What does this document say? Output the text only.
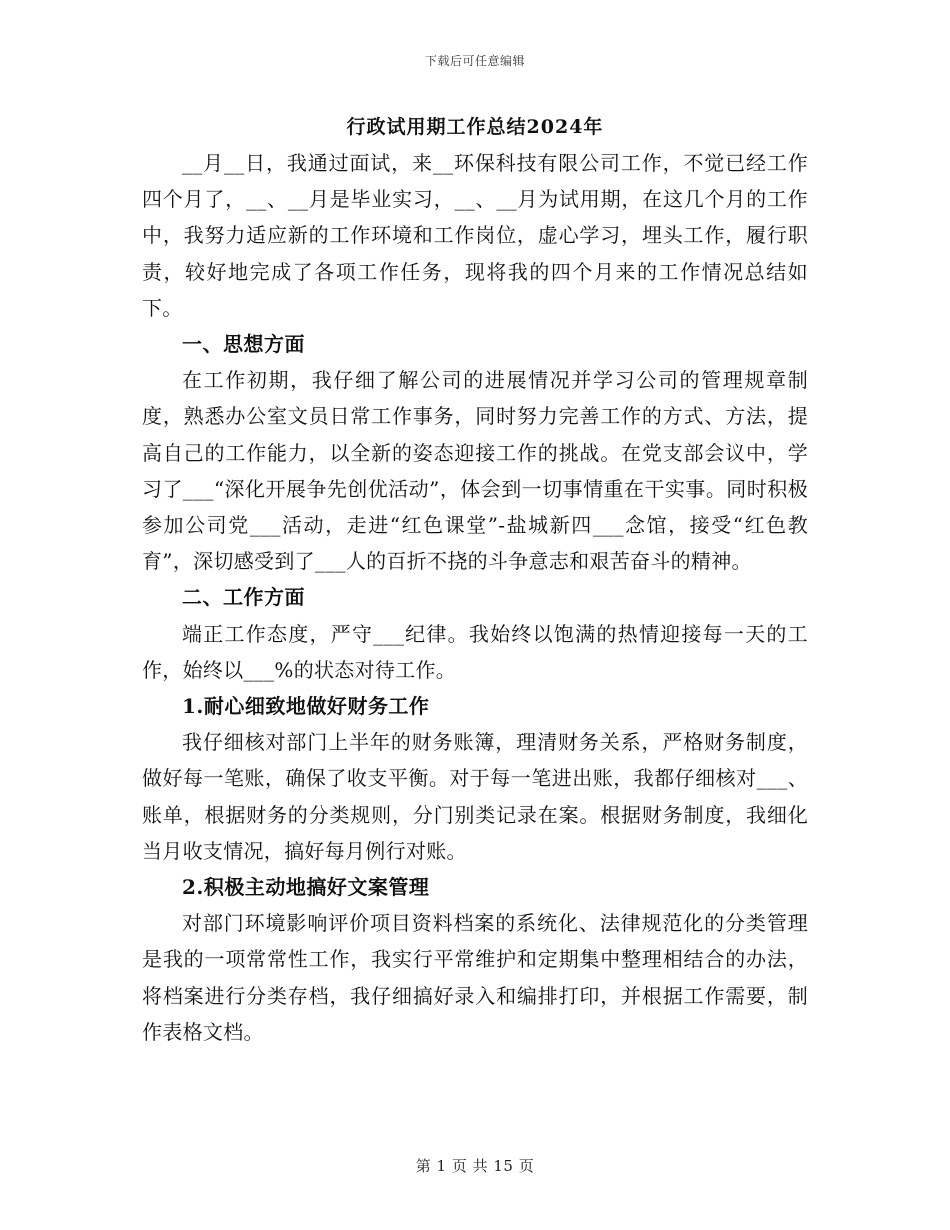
下载后可任意编辑
行政试用期工作总结2024年

__月__日，我通过面试，来__环保科技有限公司工作，不觉已经工作四个月了，__、__月是毕业实习，__、__月为试用期，在这几个月的工作中，我努力适应新的工作环境和工作岗位，虚心学习，埋头工作，履行职责，较好地完成了各项工作任务，现将我的四个月来的工作情况总结如下。

一、思想方面

在工作初期，我仔细了解公司的进展情况并学习公司的管理规章制度，熟悉办公室文员日常工作事务，同时努力完善工作的方式、方法，提高自己的工作能力，以全新的姿态迎接工作的挑战。在党支部会议中，学习了___“深化开展争先创优活动”，体会到一切事情重在干实事。同时积极参加公司党___活动，走进“红色课堂”-盐城新四___念馆，接受“红色教育”，深切感受到了___人的百折不挠的斗争意志和艰苦奋斗的精神。

二、工作方面

端正工作态度，严守___纪律。我始终以饱满的热情迎接每一天的工作，始终以___%的状态对待工作。

1.耐心细致地做好财务工作

我仔细核对部门上半年的财务账簿，理清财务关系，严格财务制度，做好每一笔账，确保了收支平衡。对于每一笔进出账，我都仔细核对___、账单，根据财务的分类规则，分门别类记录在案。根据财务制度，我细化当月收支情况，搞好每月例行对账。

2.积极主动地搞好文案管理

对部门环境影响评价项目资料档案的系统化、法律规范化的分类管理是我的一项常常性工作，我实行平常维护和定期集中整理相结合的办法，将档案进行分类存档，我仔细搞好录入和编排打印，并根据工作需要，制作表格文档。

第 1 页 共 15 页
